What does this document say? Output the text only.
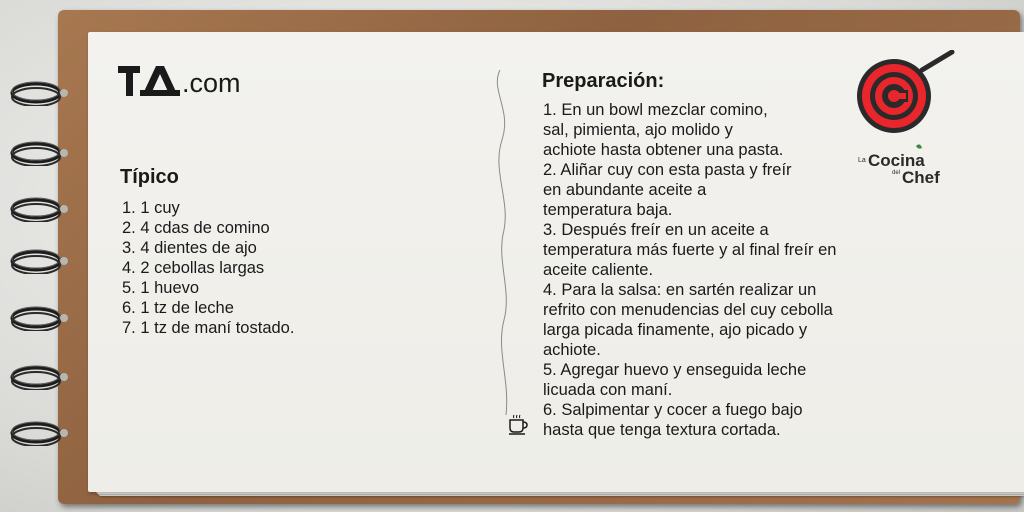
.com
Típico
1. 1 cuy
2. 4 cdas de comino
3. 4 dientes de ajo
4. 2 cebollas largas
5. 1 huevo
6. 1 tz de leche
7. 1 tz de maní tostado.
Preparación:
1. En un bowl mezclar comino,
sal, pimienta, ajo molido y
achiote hasta obtener una pasta.
2. Aliñar cuy con esta pasta y freír
en abundante aceite a
temperatura baja.
3. Después freír en un aceite a
temperatura más fuerte y al final freír en
aceite caliente.
4. Para la salsa: en sartén realizar un
refrito con menudencias del cuy cebolla
larga picada finamente, ajo picado y
achiote.
5. Agregar huevo y enseguida leche
licuada con maní.
6. Salpimentar y cocer a fuego bajo
hasta que tenga textura cortada.
La Cocina
del Chef
